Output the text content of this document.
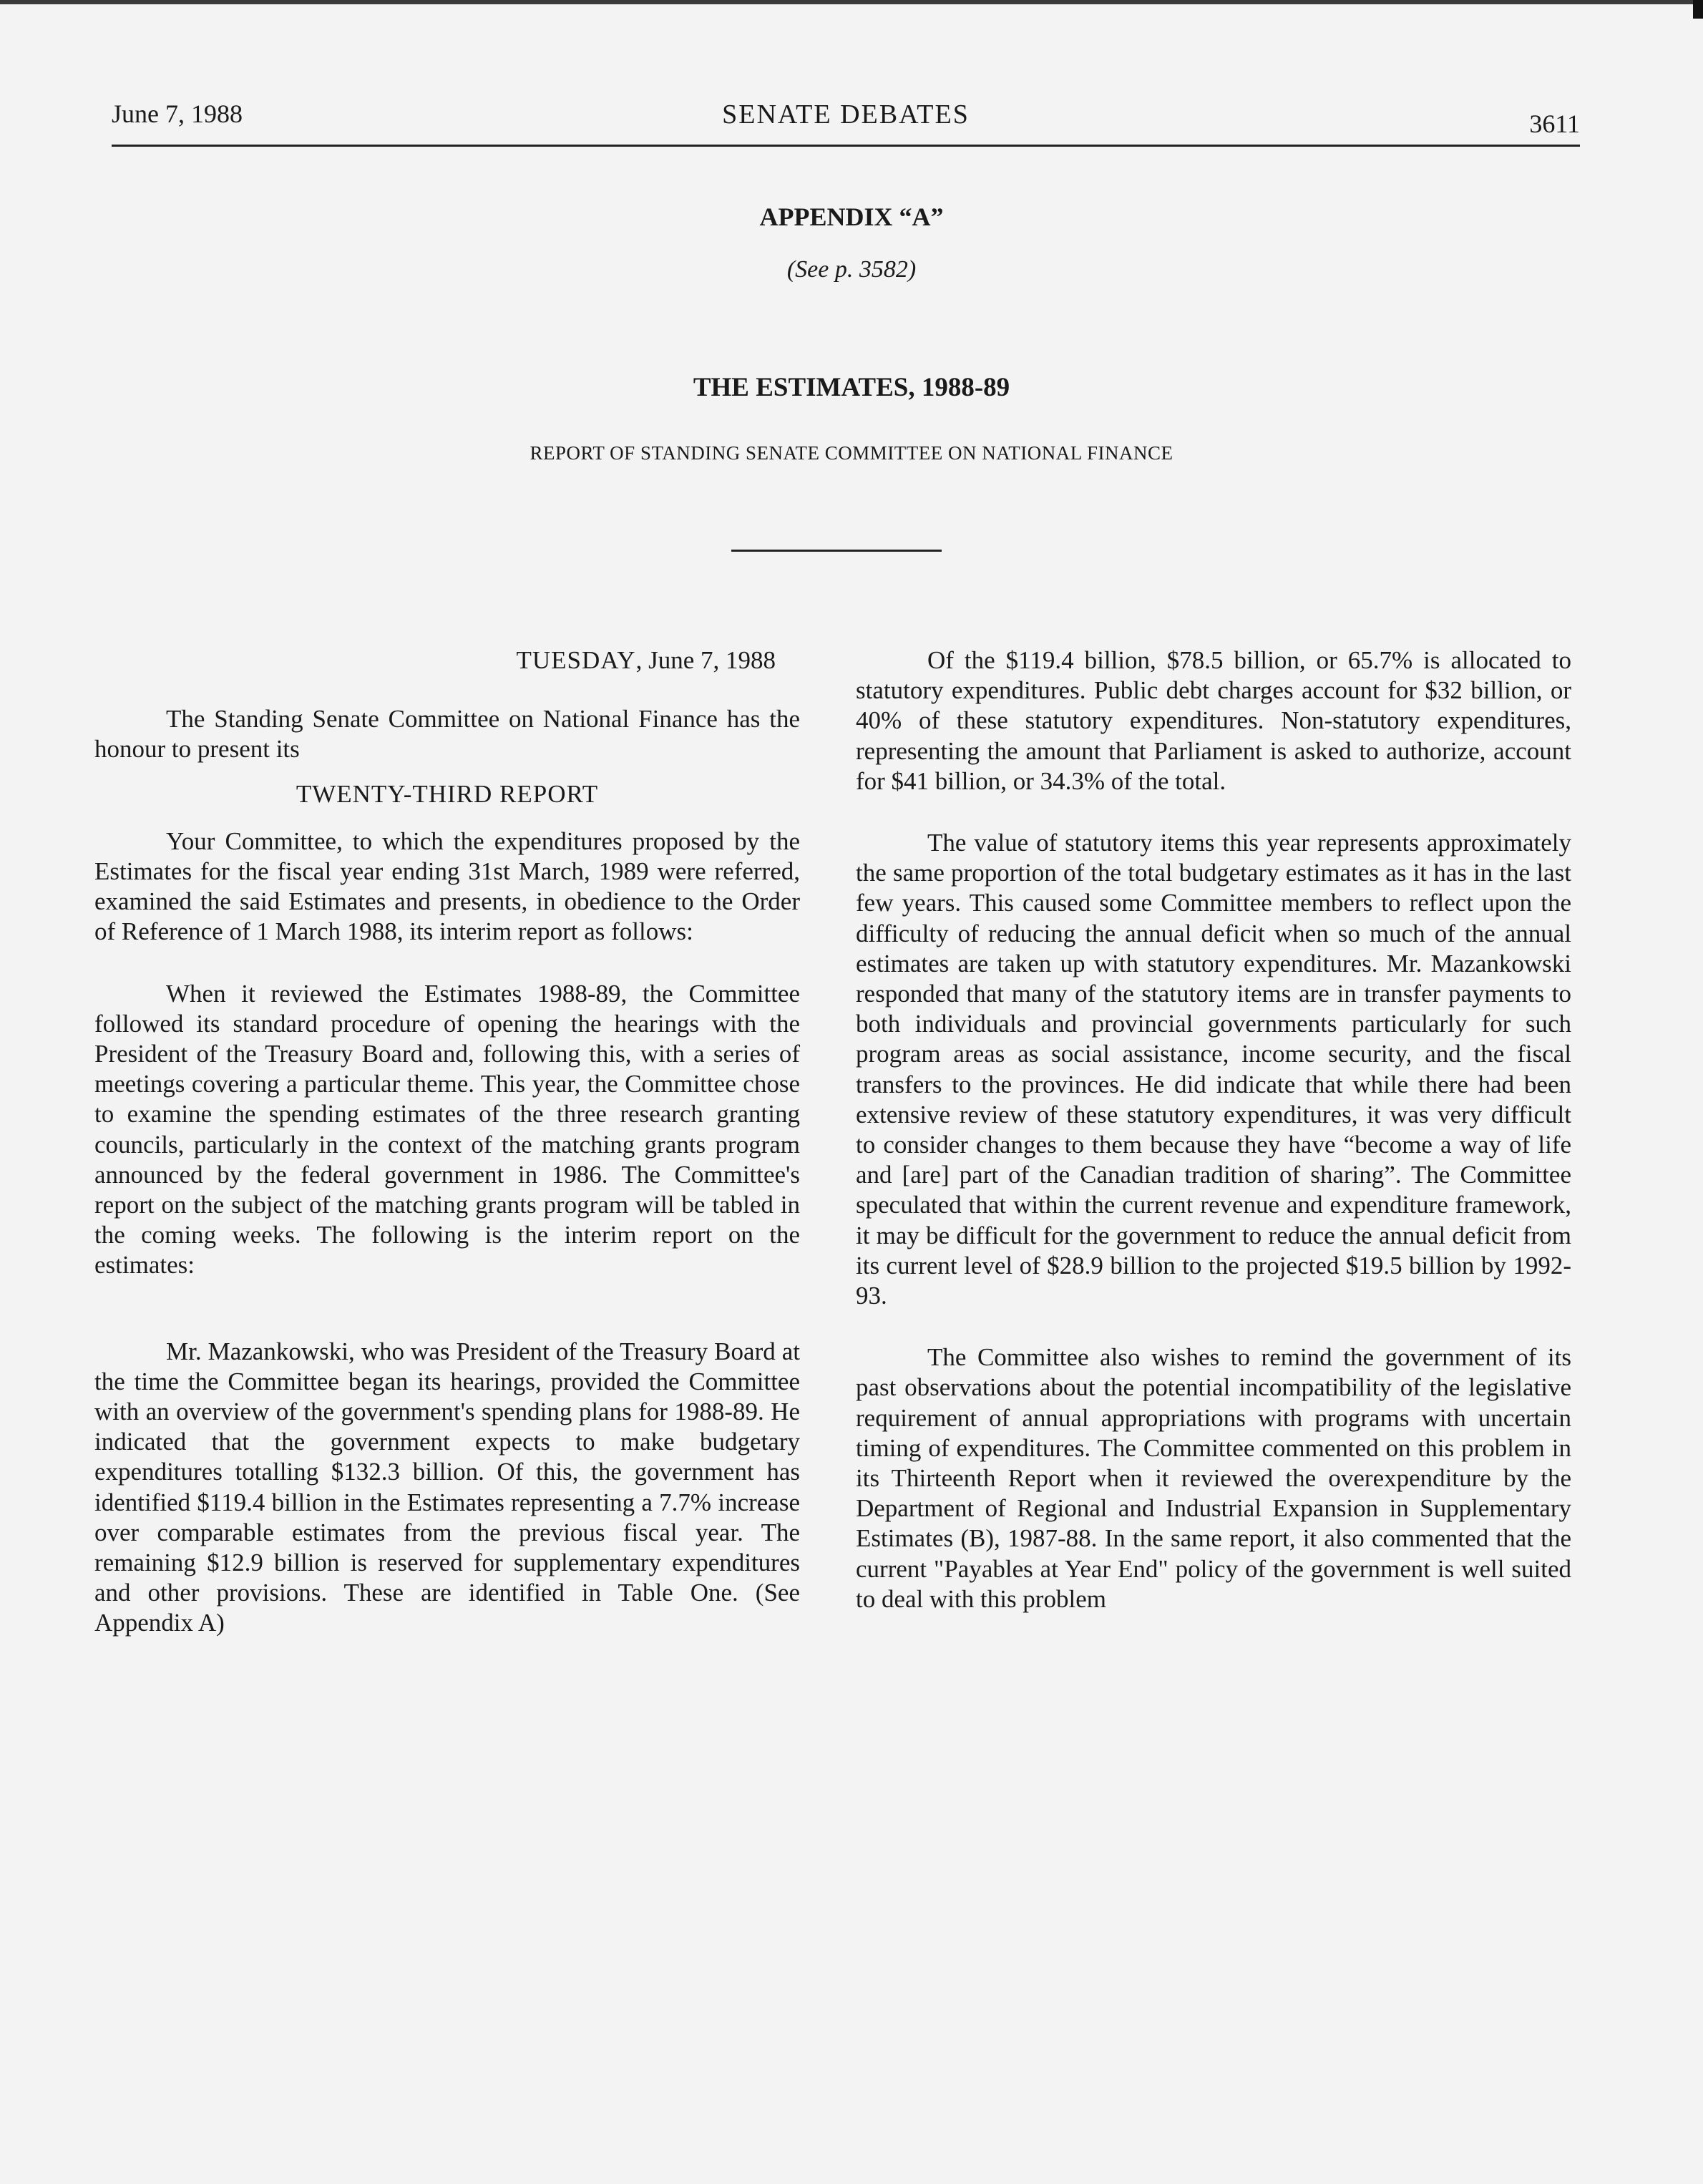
June 7, 1988	SENATE DEBATES	3611
APPENDIX “A”
(See p. 3582)
THE ESTIMATES, 1988-89
REPORT OF STANDING SENATE COMMITTEE ON NATIONAL FINANCE

TUESDAY, June 7, 1988

The Standing Senate Committee on National Finance has the honour to present its

TWENTY-THIRD REPORT

Your Committee, to which the expenditures proposed by the Estimates for the fiscal year ending 31st March, 1989 were referred, examined the said Estimates and presents, in obedience to the Order of Reference of 1 March 1988, its interim report as follows:

When it reviewed the Estimates 1988-89, the Committee followed its standard procedure of opening the hearings with the President of the Treasury Board and, following this, with a series of meetings covering a particular theme. This year, the Committee chose to examine the spending estimates of the three research granting councils, particularly in the context of the matching grants program announced by the federal government in 1986. The Committee's report on the subject of the matching grants program will be tabled in the coming weeks. The following is the interim report on the estimates:

Mr. Mazankowski, who was President of the Treasury Board at the time the Committee began its hearings, provided the Committee with an overview of the government's spending plans for 1988-89. He indicated that the government expects to make budgetary expenditures totalling $132.3 billion. Of this, the government has identified $119.4 billion in the Estimates representing a 7.7% increase over comparable estimates from the previous fiscal year. The remaining $12.9 billion is reserved for supplementary expenditures and other provisions. These are identified in Table One. (See Appendix A)

Of the $119.4 billion, $78.5 billion, or 65.7% is allocated to statutory expenditures. Public debt charges account for $32 billion, or 40% of these statutory expenditures. Non-statutory expenditures, representing the amount that Parliament is asked to authorize, account for $41 billion, or 34.3% of the total.

The value of statutory items this year represents approximately the same proportion of the total budgetary estimates as it has in the last few years. This caused some Committee members to reflect upon the difficulty of reducing the annual deficit when so much of the annual estimates are taken up with statutory expenditures. Mr. Mazankowski responded that many of the statutory items are in transfer payments to both individuals and provincial governments particularly for such program areas as social assistance, income security, and the fiscal transfers to the provinces. He did indicate that while there had been extensive review of these statutory expenditures, it was very difficult to consider changes to them because they have “become a way of life and [are] part of the Canadian tradition of sharing”. The Committee speculated that within the current revenue and expenditure framework, it may be difficult for the government to reduce the annual deficit from its current level of $28.9 billion to the projected $19.5 billion by 1992-93.

The Committee also wishes to remind the government of its past observations about the potential incompatibility of the legislative requirement of annual appropriations with programs with uncertain timing of expenditures. The Committee commented on this problem in its Thirteenth Report when it reviewed the overexpenditure by the Department of Regional and Industrial Expansion in Supplementary Estimates (B), 1987-88. In the same report, it also commented that the current "Payables at Year End" policy of the government is well suited to deal with this problem
